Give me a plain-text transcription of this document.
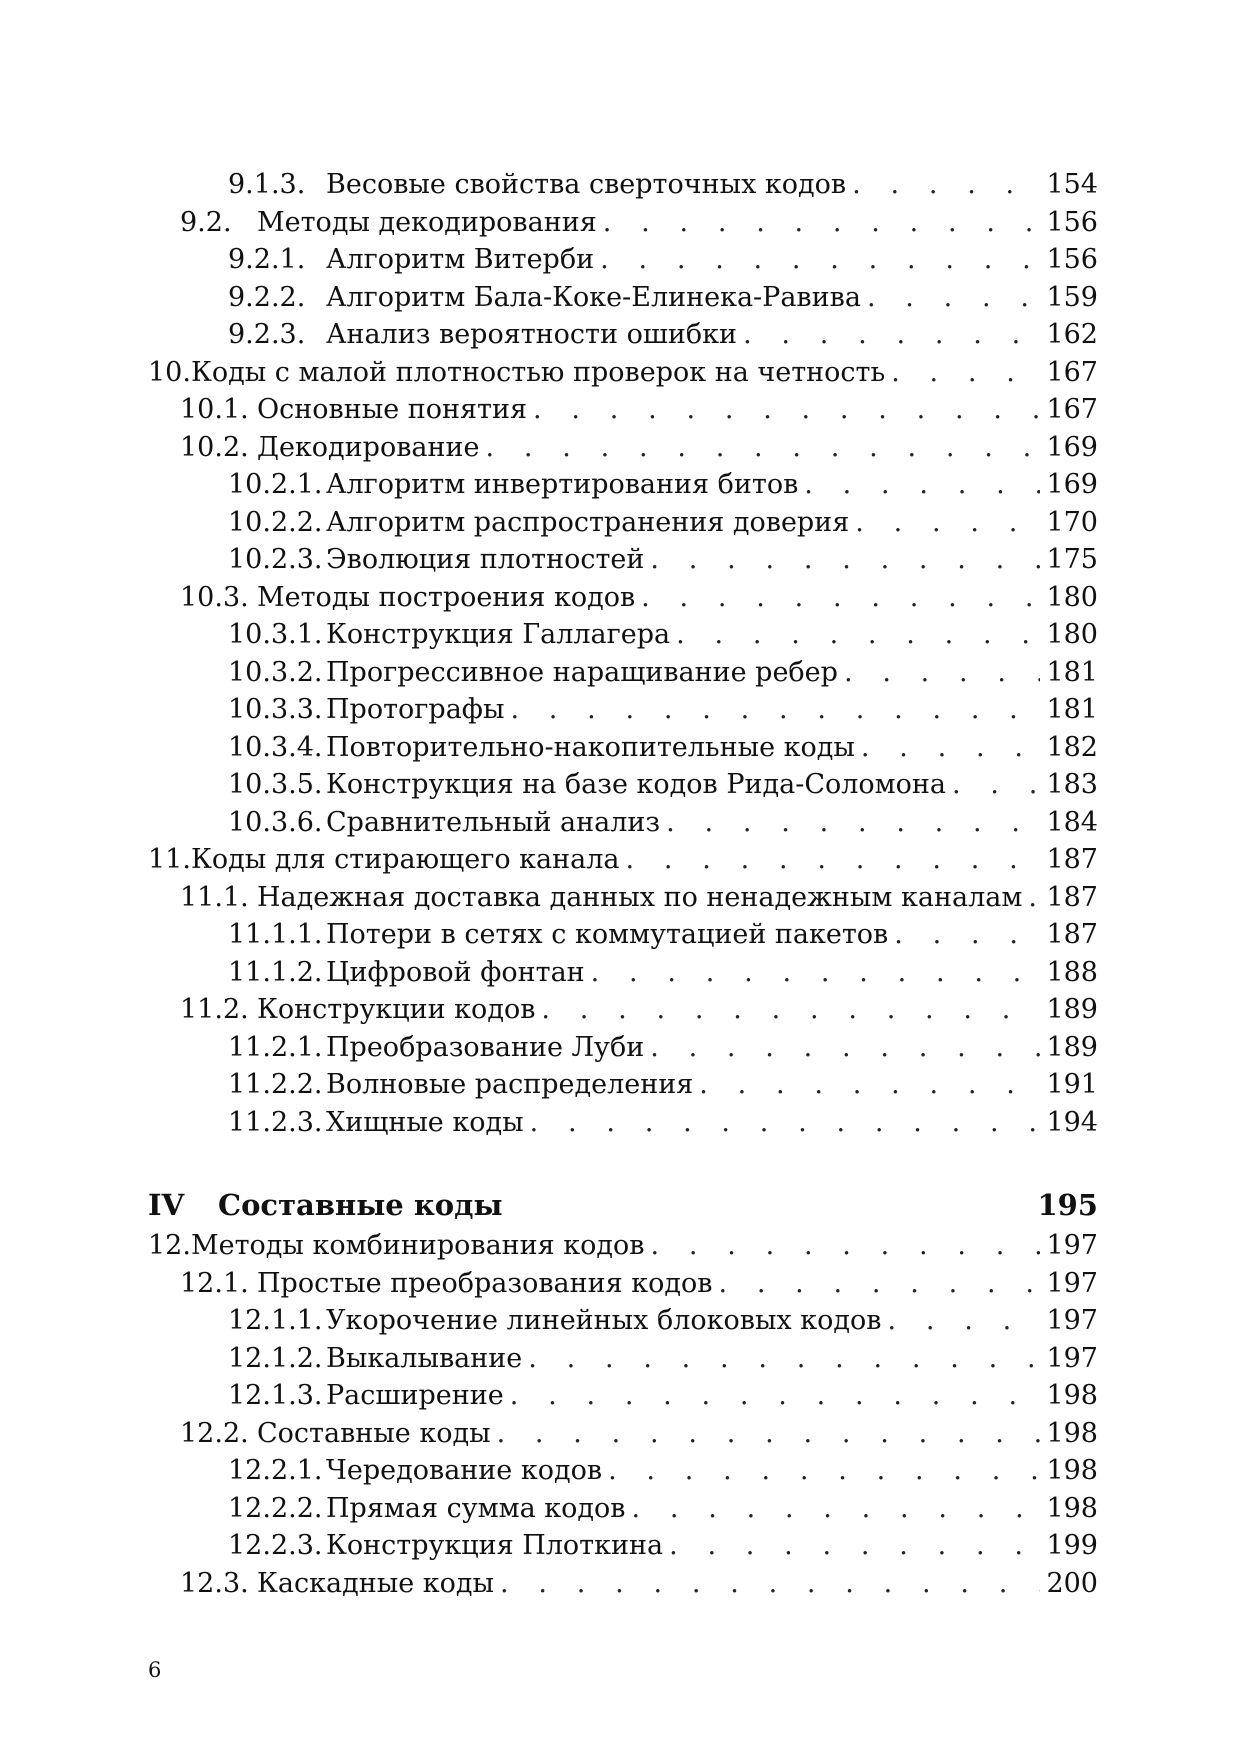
9.1.3. Весовые свойства сверточных кодов . . .	154
9.2. Методы декодирования . . .	156
9.2.1. Алгоритм Витерби . . .	156
9.2.2. Алгоритм Бала-Коке-Елинека-Равива . . .	159
9.2.3. Анализ вероятности ошибки . . .	162
10.Коды с малой плотностью проверок на четность . . .	167
10.1. Основные понятия . . .	167
10.2. Декодирование . . .	169
10.2.1. Алгоритм инвертирования битов . . .	169
10.2.2. Алгоритм распространения доверия . . .	170
10.2.3. Эволюция плотностей . . .	175
10.3. Методы построения кодов . . .	180
10.3.1. Конструкция Галлагера . . .	180
10.3.2. Прогрессивное наращивание ребер . . .	181
10.3.3. Протографы . . .	181
10.3.4. Повторительно-накопительные коды . . .	182
10.3.5. Конструкция на базе кодов Рида-Соломона . . .	183
10.3.6. Сравнительный анализ . . .	184
11.Коды для стирающего канала . . .	187
11.1. Надежная доставка данных по ненадежным каналам . . . 187
11.1.1. Потери в сетях с коммутацией пакетов . . .	187
11.1.2. Цифровой фонтан . . .	188
11.2. Конструкции кодов . . .	189
11.2.1. Преобразование Луби . . .	189
11.2.2. Волновые распределения . . .	191
11.2.3. Хищные коды . . .	194
IV	Составные коды	195
12.Методы комбинирования кодов . . .	197
12.1. Простые преобразования кодов . . .	197
12.1.1. Укорочение линейных блоковых кодов . . .	197
12.1.2. Выкалывание . . .	197
12.1.3. Расширение . . .	198
12.2. Составные коды . . .	198
12.2.1. Чередование кодов . . .	198
12.2.2. Прямая сумма кодов . . .	198
12.2.3. Конструкция Плоткина . . .	199
12.3. Каскадные коды . . .	200
6
